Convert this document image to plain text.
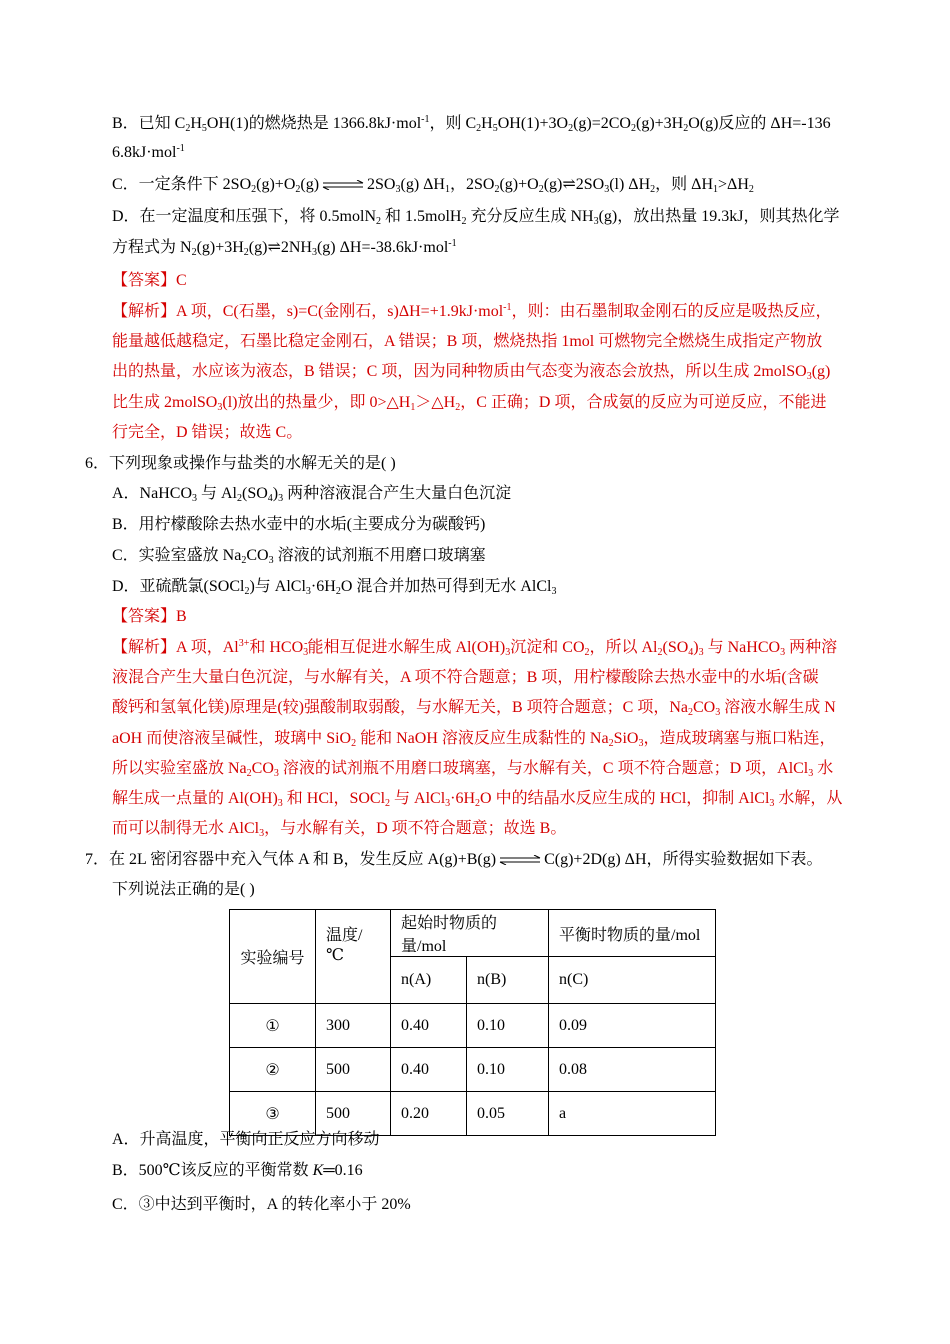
B．已知 $C_2H_5OH(1)$的燃烧热是 1366.8kJ·mol$^{-1}$，则 $C_2H_5OH(1)+3O_2(g)=2CO_2(g)+3H_2O(g)$反应的 ΔH=-136
6.8kJ·mol$^{-1}$
C．一定条件下 $2SO_2(g)+O_2(g)$ ⇌ $2SO_3(g)$ $\Delta H_1$，$2SO_2(g)+O_2(g)\rightleftharpoons 2SO_3(l)$ $\Delta H_2$，则 $\Delta H_1>\Delta H_2$
D．在一定温度和压强下，将 0.5molN$_2$ 和 1.5molH$_2$ 充分反应生成 $NH_3(g)$，放出热量 19.3kJ，则其热化学
方程式为 $N_2(g)+3H_2(g)\rightleftharpoons 2NH_3(g)$ ΔH=-38.6kJ·mol$^{-1}$
【答案】C
【解析】A 项，C(石墨，s)=C(金刚石，s)ΔH=+1.9kJ·mol$^{-1}$，则：由石墨制取金刚石的反应是吸热反应，
能量越低越稳定，石墨比稳定金刚石，A 错误；B 项，燃烧热指 1mol 可燃物完全燃烧生成指定产物放
出的热量，水应该为液态，B 错误；C 项，因为同种物质由气态变为液态会放热，所以生成 2molSO$_3$(g)
比生成 2molSO$_3$(l)放出的热量少，即 $0>\triangle H_1>\triangle H_2$，C 正确；D 项，合成氨的反应为可逆反应，不能进
行完全，D 错误；故选 C。
6．下列现象或操作与盐类的水解无关的是( )
A．NaHCO$_3$ 与 $Al_2(SO_4)_3$ 两种溶液混合产生大量白色沉淀
B．用柠檬酸除去热水壶中的水垢(主要成分为碳酸钙)
C．实验室盛放 $Na_2CO_3$ 溶液的试剂瓶不用磨口玻璃塞
D．亚硫酰氯(SOCl$_2$)与 $AlCl_3\cdot 6H_2O$ 混合并加热可得到无水 AlCl$_3$
【答案】B
【解析】A 项，$Al^{3+}$和 $HCO_3^-$能相互促进水解生成 $Al(OH)_3$沉淀和 $CO_2$，所以 $Al_2(SO_4)_3$ 与 NaHCO$_3$ 两种溶
液混合产生大量白色沉淀，与水解有关，A 项不符合题意；B 项，用柠檬酸除去热水壶中的水垢(含碳
酸钙和氢氧化镁)原理是(较)强酸制取弱酸，与水解无关，B 项符合题意；C 项，$Na_2CO_3$ 溶液水解生成 N
aOH 而使溶液呈碱性，玻璃中 SiO$_2$ 能和 NaOH 溶液反应生成黏性的 $Na_2SiO_3$，造成玻璃塞与瓶口粘连，
所以实验室盛放 $Na_2CO_3$ 溶液的试剂瓶不用磨口玻璃塞，与水解有关，C 项不符合题意；D 项，AlCl$_3$ 水
解生成一点量的 $Al(OH)_3$ 和 HCl，SOCl$_2$ 与 $AlCl_3\cdot 6H_2O$ 中的结晶水反应生成的 HCl，抑制 AlCl$_3$ 水解，从
而可以制得无水 AlCl$_3$，与水解有关，D 项不符合题意；故选 B。
7．在 2L 密闭容器中充入气体 A 和 B，发生反应 A(g)+B(g) ⇌ C(g)+2D(g) ΔH，所得实验数据如下表。
下列说法正确的是( )
实验编号	温度/℃	起始时物质的量/mol		平衡时物质的量/mol
		n(A)	n(B)	n(C)
①	300	0.40	0.10	0.09
②	500	0.40	0.10	0.08
③	500	0.20	0.05	a
A．升高温度，平衡向正反应方向移动
B．500℃该反应的平衡常数 K═0.16
C．③中达到平衡时，A 的转化率小于 20%
